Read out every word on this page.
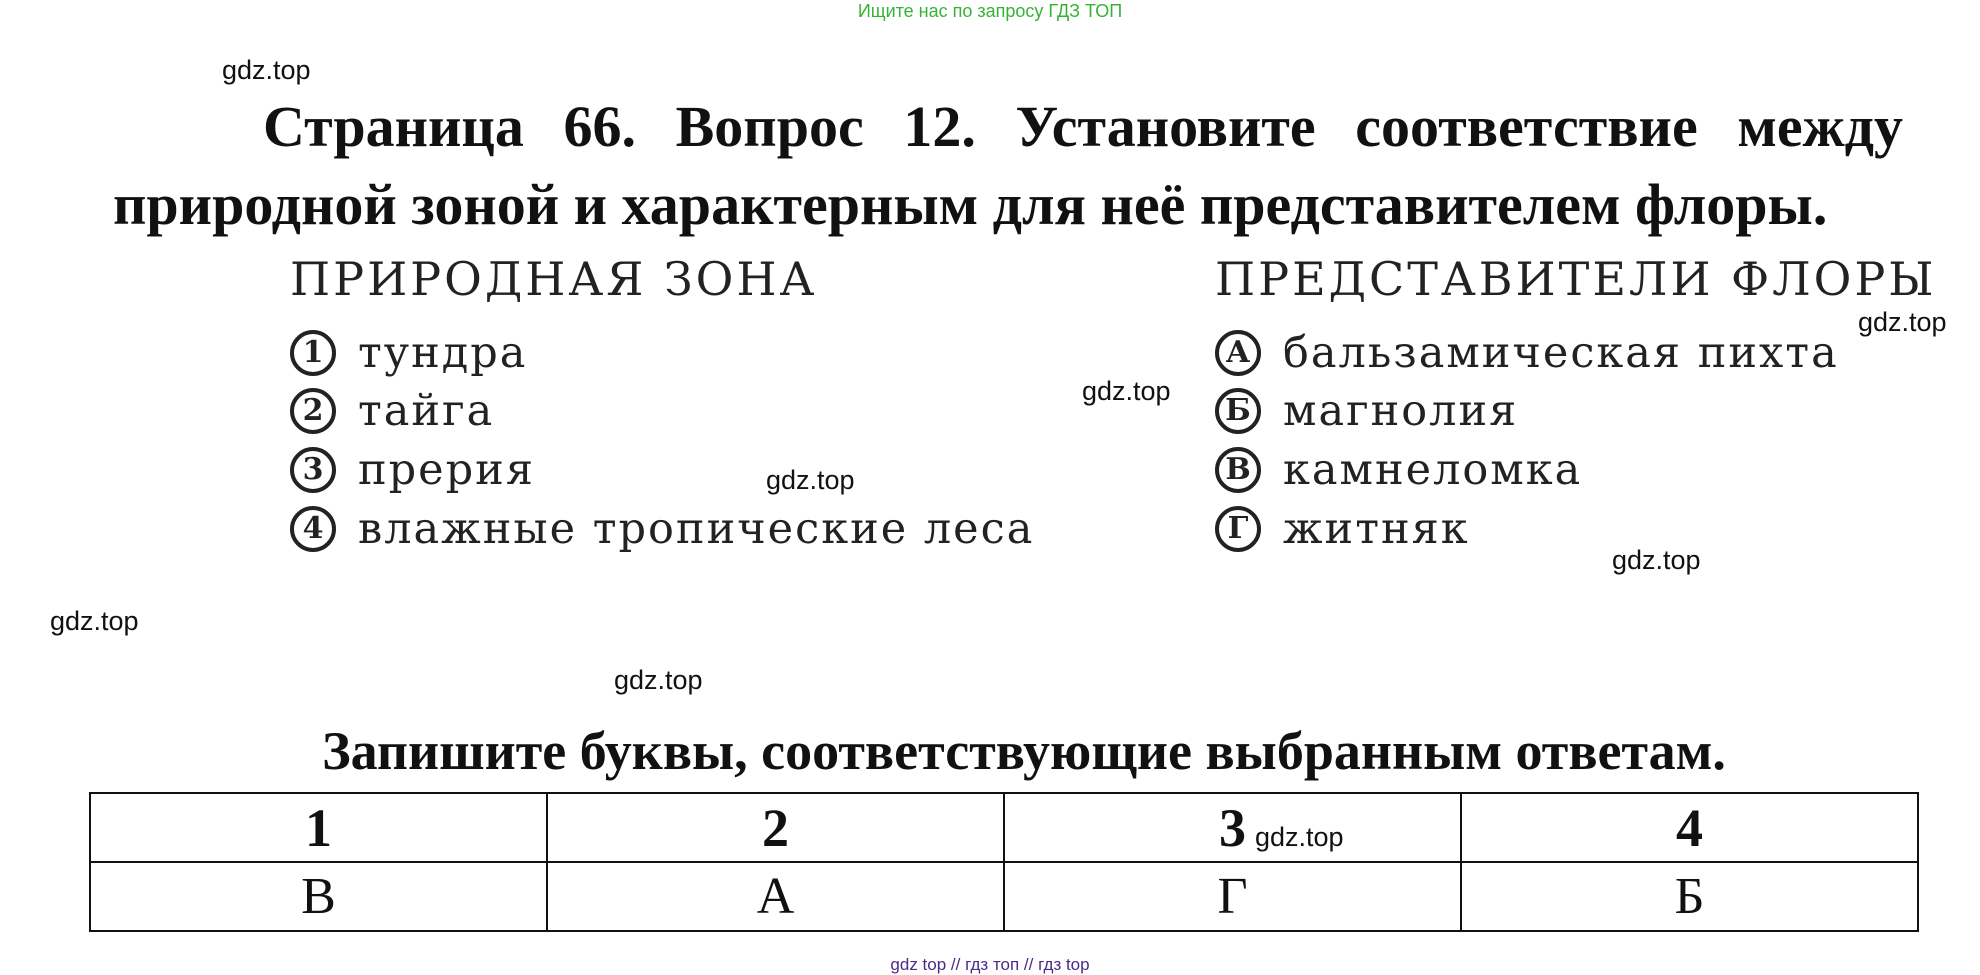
Ищите нас по запросу ГДЗ ТОП
Страница 66. Вопрос 12. Установите соответствие между
природной зоной и характерным для неё представителем флоры.
ПРИРОДНАЯ ЗОНА
1 тундра
2 тайга
3 прерия
4 влажные тропические леса
ПРЕДСТАВИТЕЛИ ФЛОРЫ
А бальзамическая пихта
Б магнолия
В камнеломка
Г житняк
Запишите буквы, соответствующие выбранным ответам.
1	2	3	4
В	А	Г	Б
gdz.top
gdz.top
gdz.top
gdz.top
gdz.top
gdz.top
gdz.top
gdz.top
gdz top // гдз топ // гдз top
